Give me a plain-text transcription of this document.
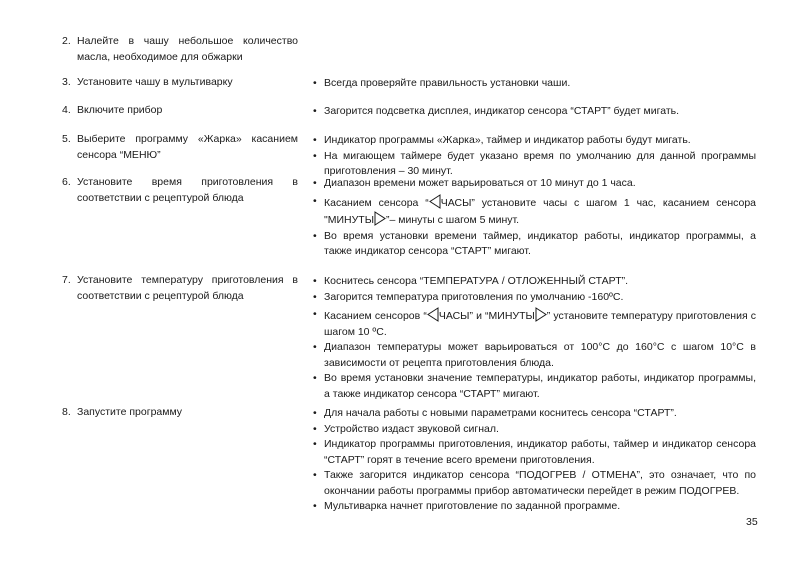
2. Налейте в чашу небольшое количество масла, необходимое для обжарки
3. Установите чашу в мультиварку	• Всегда проверяйте правильность установки чаши.
4. Включите прибор	• Загорится подсветка дисплея, индикатор сенсора “СТАРТ” будет мигать.
5. Выберите программу «Жарка» касанием сенсора “МЕНЮ”
• Индикатор программы «Жарка», таймер и индикатор работы будут мигать.
• На мигающем таймере будет указано время по умолчанию для данной программы приготовления – 30 минут.
6. Установите время приготовления в соответствии с рецептурой блюда
• Диапазон времени может варьироваться от 10 минут до 1 часа.
• Касанием сенсора “ ЧАСЫ” установите часы с шагом 1 час, касанием сенсора "МИНУТЫ ”– минуты с шагом 5 минут.
• Во время установки времени таймер, индикатор работы, индикатор программы, а также индикатор сенсора “СТАРТ” мигают.
7. Установите температуру приготовления в соответствии с рецептурой блюда
• Коснитесь сенсора “ТЕМПЕРАТУРА / ОТЛОЖЕННЫЙ СТАРТ”.
• Загорится температура приготовления по умолчанию -160ºС.
• Касанием сенсоров “ ЧАСЫ” и “МИНУТЫ ” установите температуру приготовления с шагом 10 ºС.
• Диапазон температуры может варьироваться от 100°С до 160°С с шагом 10°С в зависимости от рецепта приготовления блюда.
• Во время установки значение температуры, индикатор работы, индикатор программы, а также индикатор сенсора “СТАРТ” мигают.
8. Запустите программу	• Для начала работы с новыми параметрами коснитесь сенсора “СТАРТ”.
• Устройство издаст звуковой сигнал.
• Индикатор программы приготовления, индикатор работы, таймер и индикатор сенсора “СТАРТ” горят в течение всего времени приготовления.
• Также загорится индикатор сенсора “ПОДОГРЕВ / ОТМЕНА”, это означает, что по окончании работы программы прибор автоматически перейдет в режим ПОДОГРЕВ.
• Мультиварка начнет приготовление по заданной программе.
35
